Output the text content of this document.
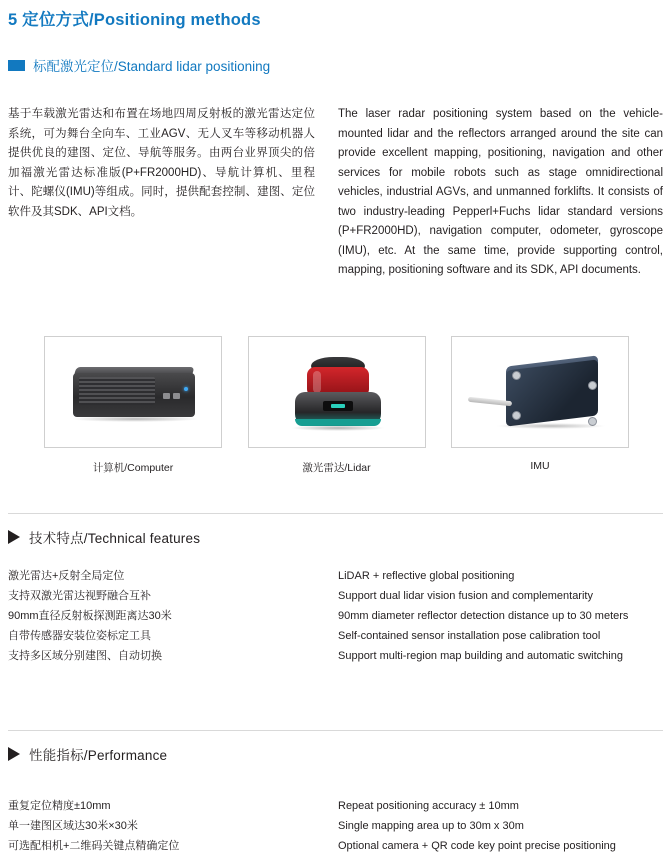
5 定位方式/Positioning methods
标配激光定位/Standard lidar positioning
基于车载激光雷达和布置在场地四周反射板的激光雷达定位系统，可为舞台全向车、工业AGV、无人叉车等移动机器人提供优良的建图、定位、导航等服务。由两台业界顶尖的倍加福激光雷达标准版(P+FR2000HD)、导航计算机、里程计、陀螺仪(IMU)等组成。同时，提供配套控制、建图、定位软件及其SDK、API文档。
The laser radar positioning system based on the vehicle-mounted lidar and the reflectors arranged around the site can provide excellent mapping, positioning, navigation and other services for mobile robots such as stage omnidirectional vehicles, industrial AGVs, and unmanned forklifts. It consists of two industry-leading Pepperl+Fuchs lidar standard versions (P+FR2000HD), navigation computer, odometer, gyroscope (IMU), etc. At the same time, provide supporting control, mapping, positioning software and its SDK, API documents.
计算机/Computer	激光雷达/Lidar	IMU
技术特点/Technical features
激光雷达+反射全局定位
支持双激光雷达视野融合互补
90mm直径反射板探测距离达30米
自带传感器安装位姿标定工具
支持多区域分别建图、自动切换
LiDAR + reflective global positioning
Support dual lidar vision fusion and complementarity
90mm diameter reflector detection distance up to 30 meters
Self-contained sensor installation pose calibration tool
Support multi-region map building and automatic switching
性能指标/Performance
重复定位精度±10mm
单一建图区域达30米×30米
可选配相机+二维码关键点精确定位
Repeat positioning accuracy ± 10mm
Single mapping area up to 30m x 30m
Optional camera + QR code key point precise positioning
